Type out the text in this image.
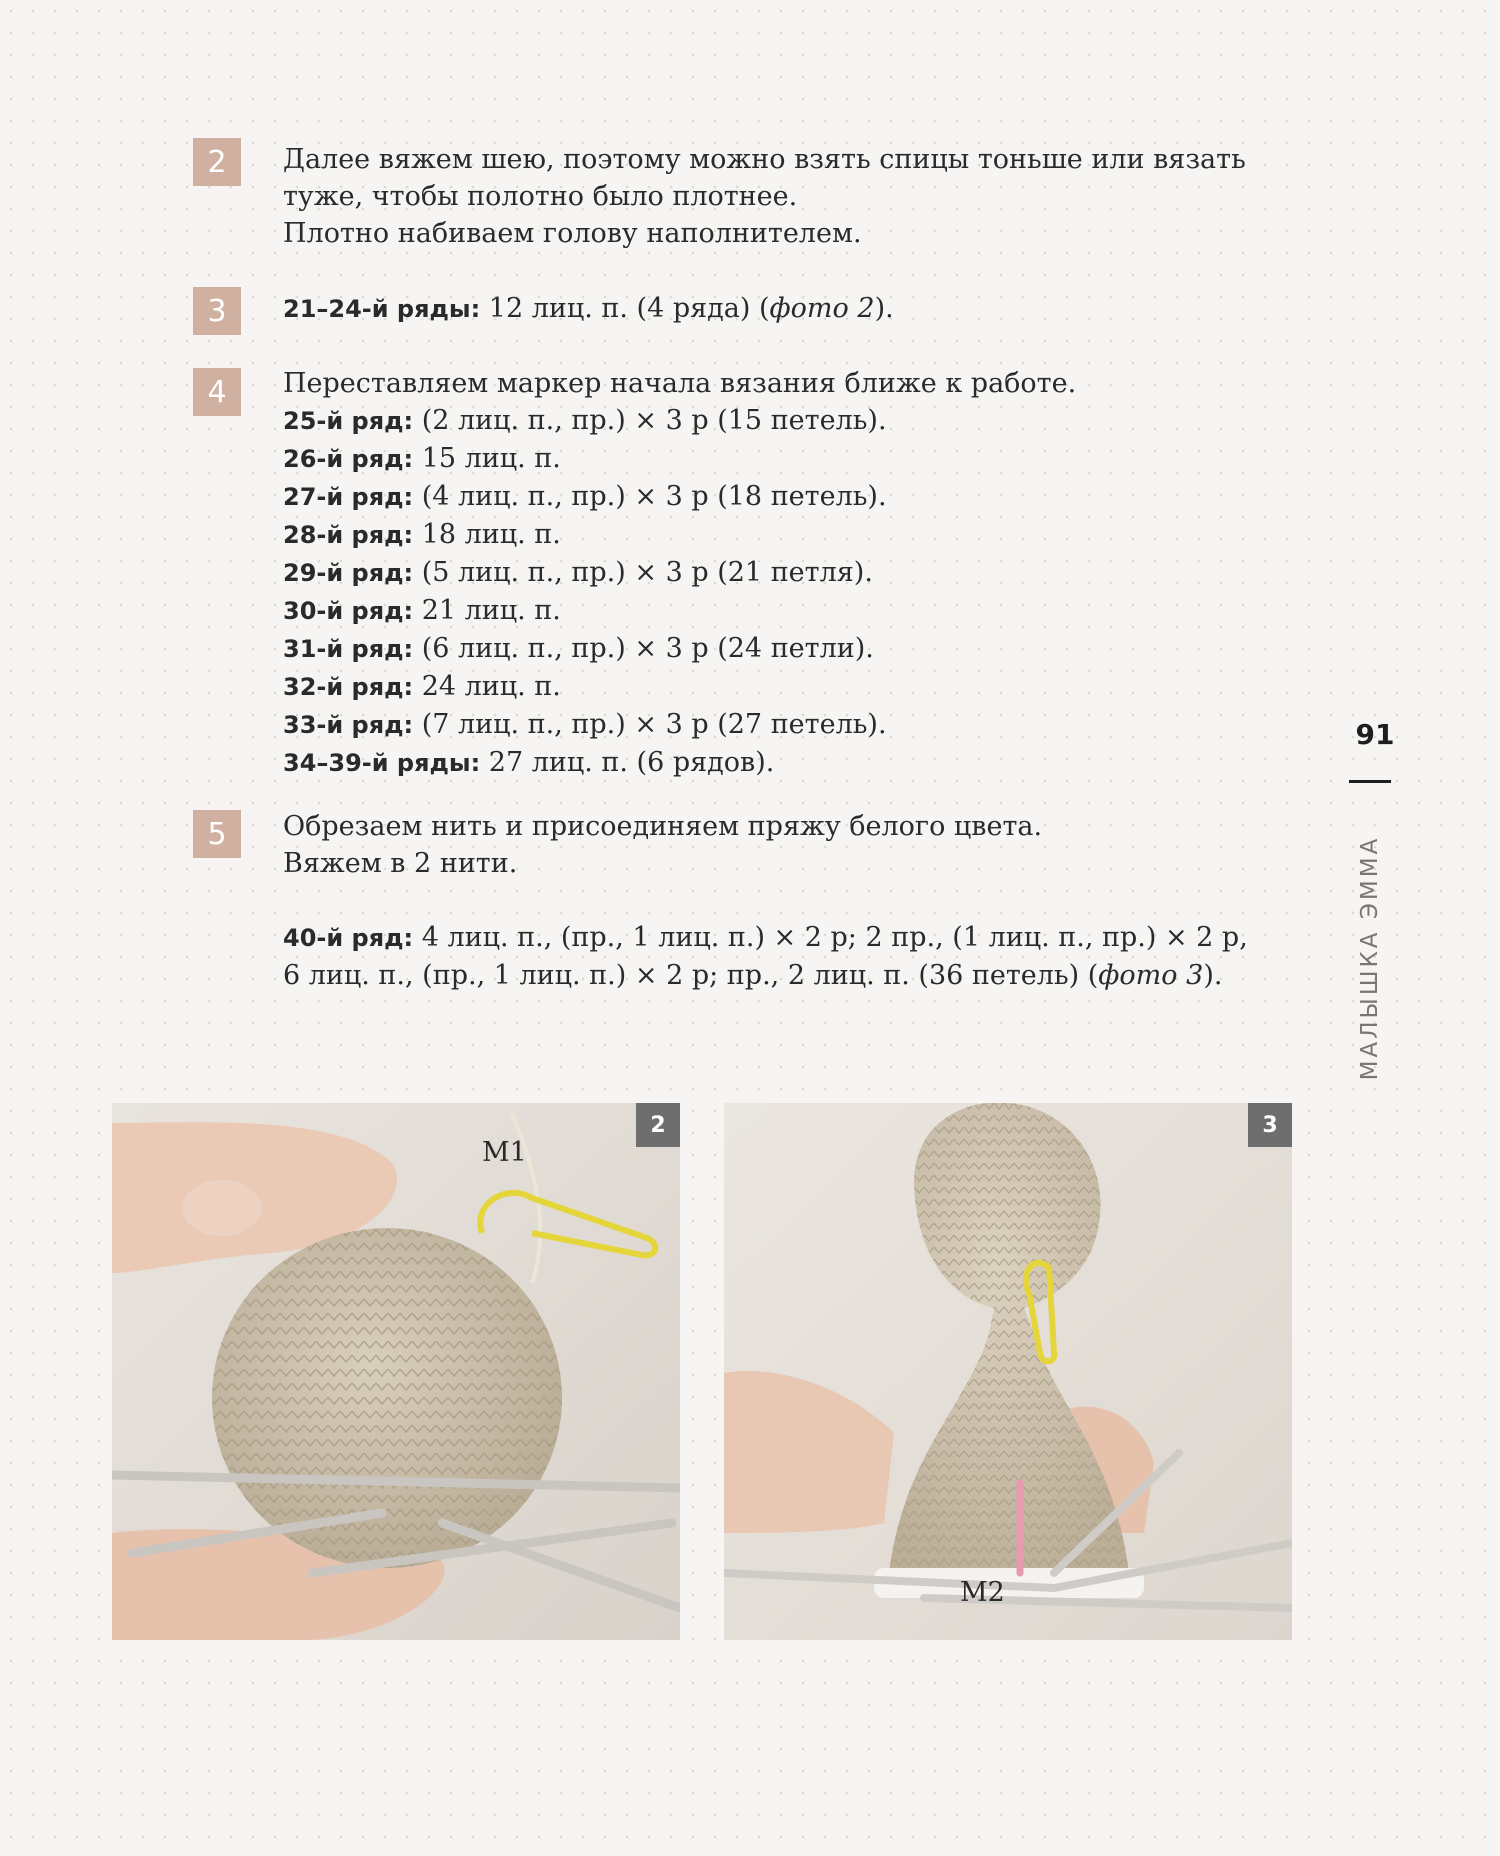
2	Далее вяжем шею, поэтому можно взять спицы тоньше или вязать

туже, чтобы полотно было плотнее.

Плотно набиваем голову наполнителем.

3	21–24-й ряды: 12 лиц. п. (4 ряда) (фото 2).

4	Переставляем маркер начала вязания ближе к работе.

25-й ряд: (2 лиц. п., пр.) × 3 р (15 петель).

26-й ряд: 15 лиц. п.

27-й ряд: (4 лиц. п., пр.) × 3 р (18 петель).

28-й ряд: 18 лиц. п.

29-й ряд: (5 лиц. п., пр.) × 3 р (21 петля).

30-й ряд: 21 лиц. п.

31-й ряд: (6 лиц. п., пр.) × 3 р (24 петли).

32-й ряд: 24 лиц. п.

33-й ряд: (7 лиц. п., пр.) × 3 р (27 петель).

34–39-й ряды: 27 лиц. п. (6 рядов).

5	Обрезаем нить и присоединяем пряжу белого цвета.

Вяжем в 2 нити.

40-й ряд: 4 лиц. п., (пр., 1 лиц. п.) × 2 р; 2 пр., (1 лиц. п., пр.) × 2 р,

6 лиц. п., (пр., 1 лиц. п.) × 2 р; пр., 2 лиц. п. (36 петель) (фото 3).

91
МАЛЫШКА ЭММА
2
M1
3
M2
